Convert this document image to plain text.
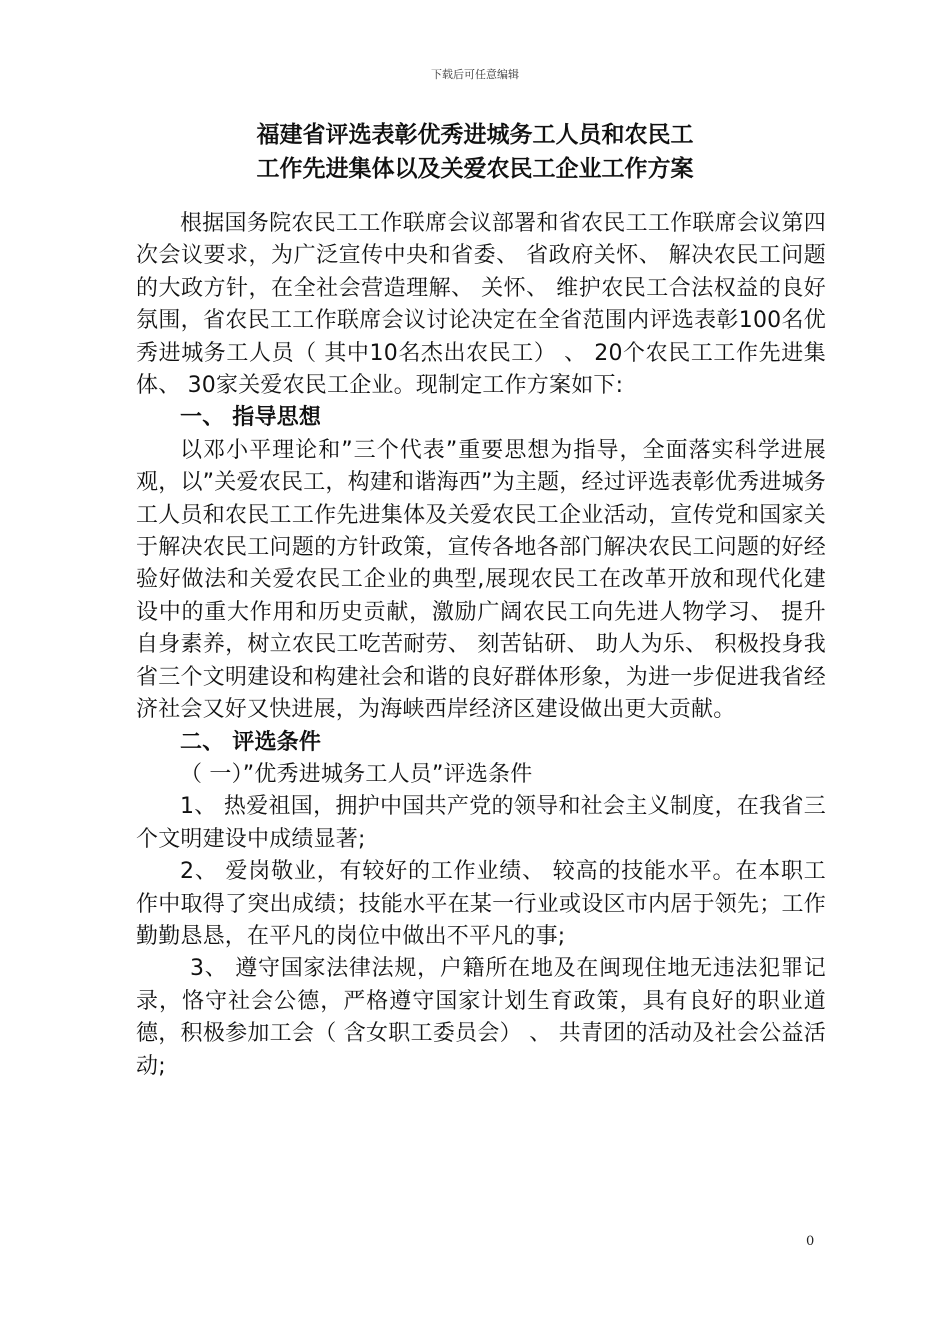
下载后可任意编辑
福建省评选表彰优秀进城务工人员和农民工
工作先进集体以及关爱农民工企业工作方案

根据国务院农民工工作联席会议部署和省农民工工作联席会议第四次会议要求，为广泛宣传中央和省委、 省政府关怀、 解决农民工问题的大政方针，在全社会营造理解、 关怀、 维护农民工合法权益的良好氛围，省农民工工作联席会议讨论决定在全省范围内评选表彰100名优秀进城务工人员（ 其中10名杰出农民工） 、 20个农民工工作先进集体、 30家关爱农民工企业。现制定工作方案如下:

一、 指导思想

以邓小平理论和”三个代表”重要思想为指导，全面落实科学进展观，以”关爱农民工，构建和谐海西”为主题，经过评选表彰优秀进城务工人员和农民工工作先进集体及关爱农民工企业活动，宣传党和国家关于解决农民工问题的方针政策，宣传各地各部门解决农民工问题的好经验好做法和关爱农民工企业的典型,展现农民工在改革开放和现代化建设中的重大作用和历史贡献，激励广阔农民工向先进人物学习、 提升自身素养，树立农民工吃苦耐劳、 刻苦钻研、 助人为乐、 积极投身我省三个文明建设和构建社会和谐的良好群体形象，为进一步促进我省经济社会又好又快进展，为海峡西岸经济区建设做出更大贡献。

二、 评选条件

（ 一）”优秀进城务工人员”评选条件

1、 热爱祖国，拥护中国共产党的领导和社会主义制度，在我省三个文明建设中成绩显著;

2、 爱岗敬业，有较好的工作业绩、 较高的技能水平。在本职工作中取得了突出成绩；技能水平在某一行业或设区市内居于领先；工作勤勤恳恳，在平凡的岗位中做出不平凡的事;

3、 遵守国家法律法规，户籍所在地及在闽现住地无违法犯罪记录，恪守社会公德，严格遵守国家计划生育政策，具有良好的职业道德，积极参加工会（ 含女职工委员会） 、 共青团的活动及社会公益活动;

0
